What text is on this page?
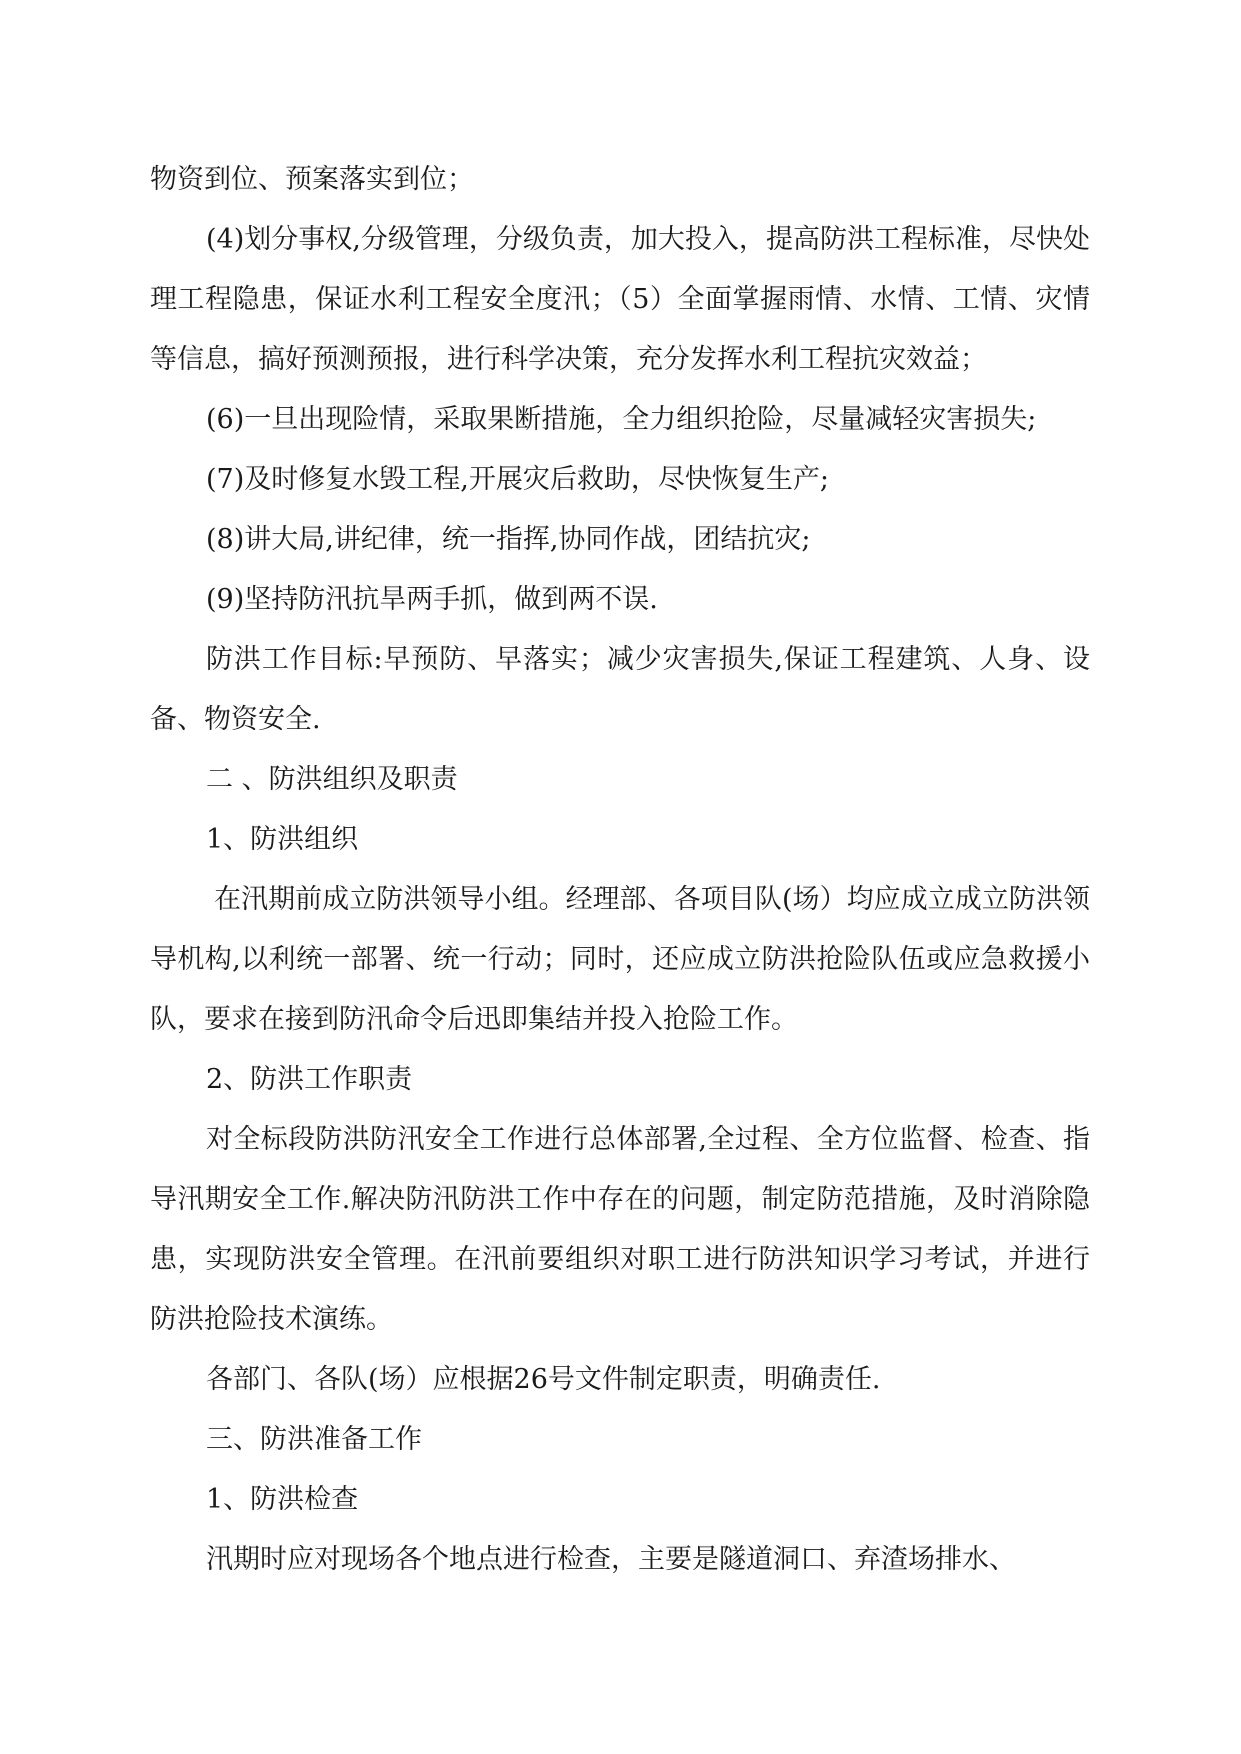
物资到位、预案落实到位；

(4)划分事权,分级管理，分级负责，加大投入，提高防洪工程标准，尽快处理工程隐患，保证水利工程安全度汛；（5）全面掌握雨情、水情、工情、灾情等信息，搞好预测预报，进行科学决策，充分发挥水利工程抗灾效益；

(6)一旦出现险情，采取果断措施，全力组织抢险，尽量减轻灾害损失;

(7)及时修复水毁工程,开展灾后救助，尽快恢复生产;

(8)讲大局,讲纪律，统一指挥,协同作战，团结抗灾;

(9)坚持防汛抗旱两手抓，做到两不误.

防洪工作目标:早预防、早落实；减少灾害损失,保证工程建筑、人身、设备、物资安全.

二 、防洪组织及职责

1、防洪组织

在汛期前成立防洪领导小组。经理部、各项目队(场）均应成立成立防洪领导机构,以利统一部署、统一行动；同时，还应成立防洪抢险队伍或应急救援小队，要求在接到防汛命令后迅即集结并投入抢险工作。

2、防洪工作职责

对全标段防洪防汛安全工作进行总体部署,全过程、全方位监督、检查、指导汛期安全工作.解决防汛防洪工作中存在的问题，制定防范措施，及时消除隐患，实现防洪安全管理。在汛前要组织对职工进行防洪知识学习考试，并进行防洪抢险技术演练。

各部门、各队(场）应根据26号文件制定职责，明确责任.

三、防洪准备工作

1、防洪检查

汛期时应对现场各个地点进行检查，主要是隧道洞口、弃渣场排水、
